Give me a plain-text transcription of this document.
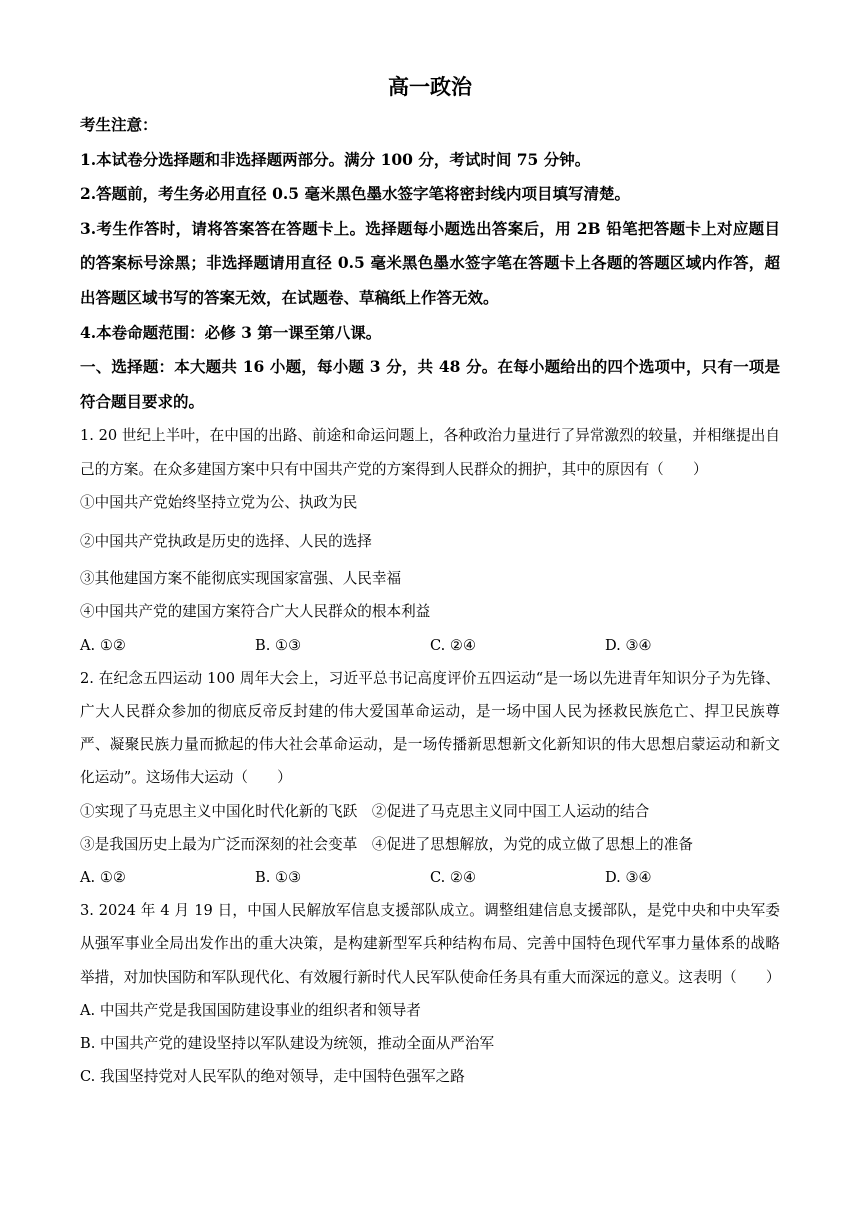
高一政治

考生注意：

1.本试卷分选择题和非选择题两部分。满分 100 分，考试时间 75 分钟。

2.答题前，考生务必用直径 0.5 毫米黑色墨水签字笔将密封线内项目填写清楚。

3.考生作答时，请将答案答在答题卡上。选择题每小题选出答案后，用 2B 铅笔把答题卡上对应题目的答案标号涂黑；非选择题请用直径 0.5 毫米黑色墨水签字笔在答题卡上各题的答题区域内作答，超出答题区域书写的答案无效，在试题卷、草稿纸上作答无效。

4.本卷命题范围：必修 3 第一课至第八课。

一、选择题：本大题共 16 小题，每小题 3 分，共 48 分。在每小题给出的四个选项中，只有一项是符合题目要求的。

1. 20 世纪上半叶，在中国的出路、前途和命运问题上，各种政治力量进行了异常激烈的较量，并相继提出自己的方案。在众多建国方案中只有中国共产党的方案得到人民群众的拥护，其中的原因有（　　）

①中国共产党始终坚持立党为公、执政为民

②中国共产党执政是历史的选择、人民的选择

③其他建国方案不能彻底实现国家富强、人民幸福

④中国共产党的建国方案符合广大人民群众的根本利益

A. ①②	B. ①③	C. ②④	D. ③④

2. 在纪念五四运动 100 周年大会上，习近平总书记高度评价五四运动“是一场以先进青年知识分子为先锋、广大人民群众参加的彻底反帝反封建的伟大爱国革命运动，是一场中国人民为拯救民族危亡、捍卫民族尊严、凝聚民族力量而掀起的伟大社会革命运动，是一场传播新思想新文化新知识的伟大思想启蒙运动和新文化运动”。这场伟大运动（　　）

①实现了马克思主义中国化时代化新的飞跃　②促进了马克思主义同中国工人运动的结合

③是我国历史上最为广泛而深刻的社会变革　④促进了思想解放，为党的成立做了思想上的准备

A. ①②	B. ①③	C. ②④	D. ③④

3. 2024 年 4 月 19 日，中国人民解放军信息支援部队成立。调整组建信息支援部队，是党中央和中央军委从强军事业全局出发作出的重大决策，是构建新型军兵种结构布局、完善中国特色现代军事力量体系的战略举措，对加快国防和军队现代化、有效履行新时代人民军队使命任务具有重大而深远的意义。这表明（　　）

A. 中国共产党是我国国防建设事业的组织者和领导者

B. 中国共产党的建设坚持以军队建设为统领，推动全面从严治军

C. 我国坚持党对人民军队的绝对领导，走中国特色强军之路
